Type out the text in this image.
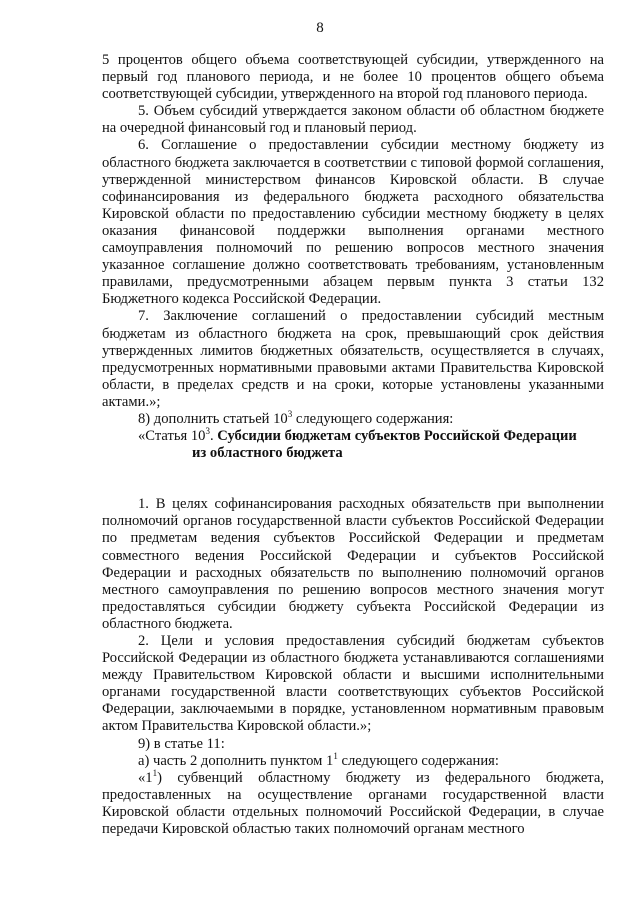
8

5 процентов общего объема соответствующей субсидии, утвержденного на первый год планового периода, и не более 10 процентов общего объема соответствующей субсидии, утвержденного на второй год планового периода.

5. Объем субсидий утверждается законом области об областном бюджете на очередной финансовый год и плановый период.

6. Соглашение о предоставлении субсидии местному бюджету из областного бюджета заключается в соответствии с типовой формой соглашения, утвержденной министерством финансов Кировской области. В случае софинансирования из федерального бюджета расходного обязательства Кировской области по предоставлению субсидии местному бюджету в целях оказания финансовой поддержки выполнения органами местного самоуправления полномочий по решению вопросов местного значения указанное соглашение должно соответствовать требованиям, установленным правилами, предусмотренными абзацем первым пункта 3 статьи 132 Бюджетного кодекса Российской Федерации.

7. Заключение соглашений о предоставлении субсидий местным бюджетам из областного бюджета на срок, превышающий срок действия утвержденных лимитов бюджетных обязательств, осуществляется в случаях, предусмотренных нормативными правовыми актами Правительства Кировской области, в пределах средств и на сроки, которые установлены указанными актами.»;

8) дополнить статьей $10^3$ следующего содержания:

«Статья $10^3$. Субсидии бюджетам субъектов Российской Федерации

из областного бюджета

1. В целях софинансирования расходных обязательств при выполнении полномочий органов государственной власти субъектов Российской Федерации по предметам ведения субъектов Российской Федерации и предметам совместного ведения Российской Федерации и субъектов Российской Федерации и расходных обязательств по выполнению полномочий органов местного самоуправления по решению вопросов местного значения могут предоставляться субсидии бюджету субъекта Российской Федерации из областного бюджета.

2. Цели и условия предоставления субсидий бюджетам субъектов Российской Федерации из областного бюджета устанавливаются соглашениями между Правительством Кировской области и высшими исполнительными органами государственной власти соответствующих субъектов Российской Федерации, заключаемыми в порядке, установленном нормативным правовым актом Правительства Кировской области.»;

9) в статье 11:

а) часть 2 дополнить пунктом $1^1$ следующего содержания:

«$1^1$) субвенций областному бюджету из федерального бюджета, предоставленных на осуществление органами государственной власти Кировской области отдельных полномочий Российской Федерации, в случае передачи Кировской областью таких полномочий органам местного
